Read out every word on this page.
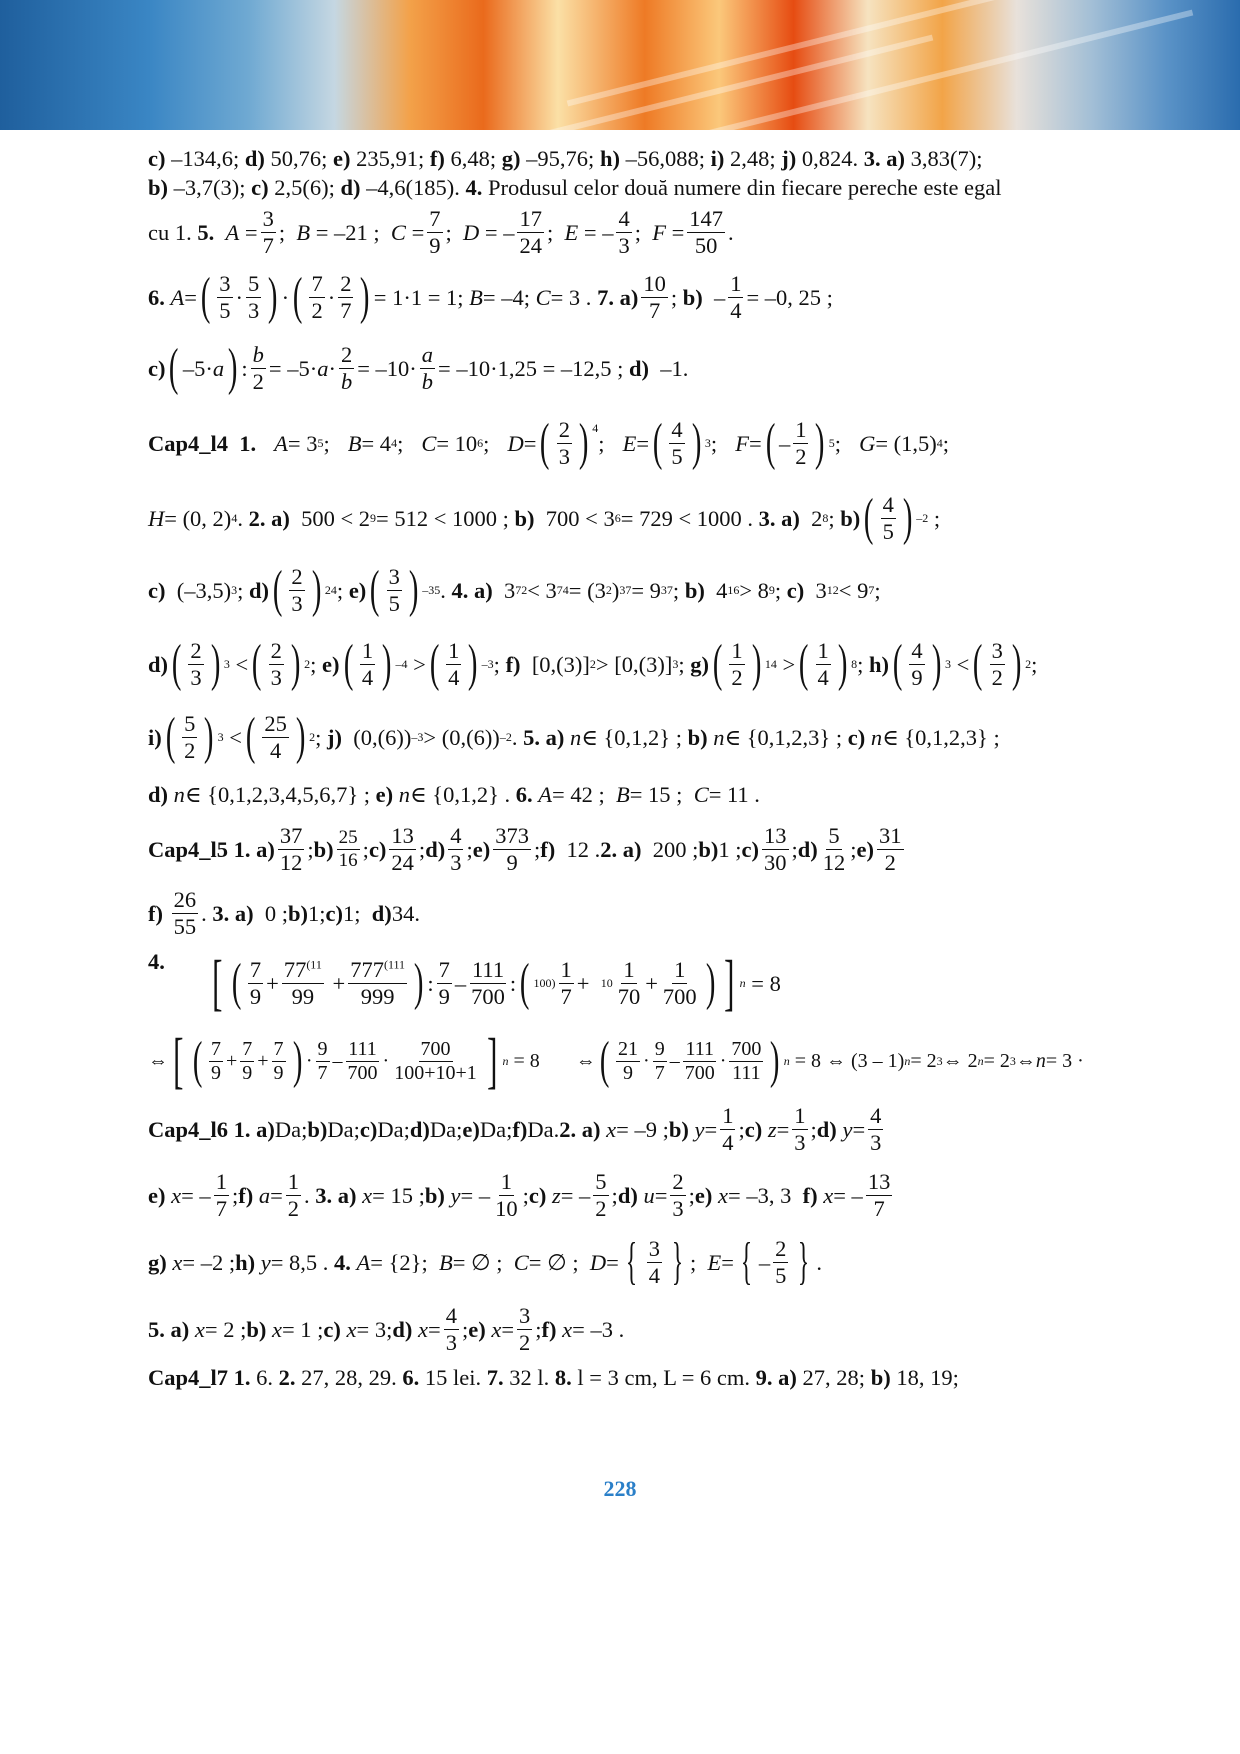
c) –134,6; d) 50,76; e) 235,91; f) 6,48; g) –95,76; h) –56,088; i) 2,48; j) 0,824. 3. a) 3,83(7);
b) –3,7(3); c) 2,5(6); d) –4,6(185). 4. Produsul celor două numere din fiecare pereche este egal
cu 1. 5. $A = \frac{3}{7}$ ;  B = –21 ;  $C = \frac{7}{9}$ ;  D = – $\frac{17}{24}$ ;  E = – $\frac{4}{3}$ ;  $F = \frac{147}{50}$ .
6.
A = ( $\frac{3}{5} \cdot \frac{5}{3}$ ) · ( $\frac{7}{2} \cdot \frac{2}{7}$ ) = 1·1 = 1; B = –4; C = 3 . 7. $a) \frac{10}{7}$ ; $b) - \frac{1}{4} = -0$, 25 ;
c) ( –5· a ) : $\frac{b}{2} = -5\cdot a \cdot \frac{2}{b} = -10\cdot \frac{a}{b} = -10\cdot 1,25 = -12,5$ ; d) –1.
Cap4_l4
1. A = 3 5 ; B = 4 4 ; C = 10 6 ; D = ( $\frac{2}{3}$ ) $^4$
; E = ( $\frac{4}{5}$ ) 3 ; F = ( – $\frac{1}{2}$ ) 5 ; G = (1,5) 4 ;
H = (0, 2) 4 . 2. a) 500 < 2 9 = 512 < 1000 ; b) 700 < 3 6 = 729 < 1000 . 3. a) 2 8 ; b) ( $\frac{4}{5}$ ) –2 ;
c) (–3,5) 3 ; d) ( $\frac{2}{3}$ ) 24 ; e) ( $\frac{3}{5}$ ) –35 . 4. a) 3 72 < 3 74 = (3 2 ) 37 = 9 37 ; b) 4 16 > 8 9 ; c) 3 12 < 9 7 ;
d) ( $\frac{2}{3}$ ) 3 < ( $\frac{2}{3}$ ) 2 ; e) ( $\frac{1}{4}$ ) –4 > ( $\frac{1}{4}$ ) –3 ; f) [0,(3)] 2 > [0,(3)] 3 ; g) ( $\frac{1}{2}$ ) 14 > ( $\frac{1}{4}$ ) 8 ; h) ( $\frac{4}{9}$ ) 3 < ( $\frac{3}{2}$ ) 2 ;
i) ( $\frac{5}{2}$ ) 3 < ( $\frac{25}{4}$ ) 2 ; j) (0,(6)) –3 > (0,(6)) –2 . 5. a)
n ∈ {0,1,2} ; b)
n ∈ {0,1,2,3} ; c)
n ∈ {0,1,2,3} ;
d)
n ∈ {0,1,2,3,4,5,6,7} ; e)
n ∈ {0,1,2} . 6.
A = 42 ; B = 15 ; C = 11 .
Cap4_l5
1. $a) \frac{37}{12}$ ; $b) \frac{25}{16}$ ; $c) \frac{13}{24}$ ; $d) \frac{4}{3}$ ; $e) \frac{373}{9}$ ; f) 12 . 2. a) 200 ; b) 1 ; $c) \frac{13}{30}$ ; $d) \frac{5}{12}$ ; $e) \frac{31}{2}$
f)
$\frac{26}{55}$ . 3. a) 0 ; b) 1; c) 1; d) 34.
4. [ ( $\frac{7}{9} + \frac{77^{(11}}{99} + \frac{777^{(111}}{999}$ ) : $\frac{7}{9} - \frac{111}{700}$ : ( $100) \frac{1}{7} + 10 \frac{1}{70} + \frac{1}{700}$ ) ] n = 8
⇔ [ ( $\frac{7}{9} + \frac{7}{9} + \frac{7}{9}$ ) · $\frac{9}{7} - \frac{111}{700} \cdot \frac{700}{100+10+1}$ ] n = 8
⇔ ( $\frac{21}{9} \cdot \frac{9}{7} - \frac{111}{700} \cdot \frac{700}{111}$ ) n = 8 ⇔ (3 – 1) n = 2 3 ⇔ 2 n = 2 3 ⇔ n = 3 ·
Cap4_l6
1. a) Da; b) Da; c) Da; d) Da; e) Da; f) Da. 2. a)
x = –9 ; b)
$y = \frac{1}{4}$ ; c)
$z = \frac{1}{3}$ ; d)
$y = \frac{4}{3}$
e)
x = – $\frac{1}{7}$ ; f)
$a = \frac{1}{2}$ . 3. a)
x = 15 ; b)
y = – $\frac{1}{10}$ ; c)
z = – $\frac{5}{2}$ ; d)
$u = \frac{2}{3}$ ; e)
x = –3, 3 f)
x = – $\frac{13}{7}$
g)
x = –2 ; h)
y = 8,5 . 4.
A = {2}; B = ∅ ; C = ∅ ; D = { $\frac{3}{4}$ } ; E = { – $\frac{2}{5}$ } .
5. a)
x = 2 ; b)
x = 1 ; c)
x = 3; d)
$x = \frac{4}{3}$ ; e)
$x = \frac{3}{2}$ ; f)
x = –3 .
Cap4_l7 1. 6. 2. 27, 28, 29. 6. 15 lei. 7. 32 l. 8. l = 3 cm, L = 6 cm. 9. a) 27, 28; b) 18, 19;
228
